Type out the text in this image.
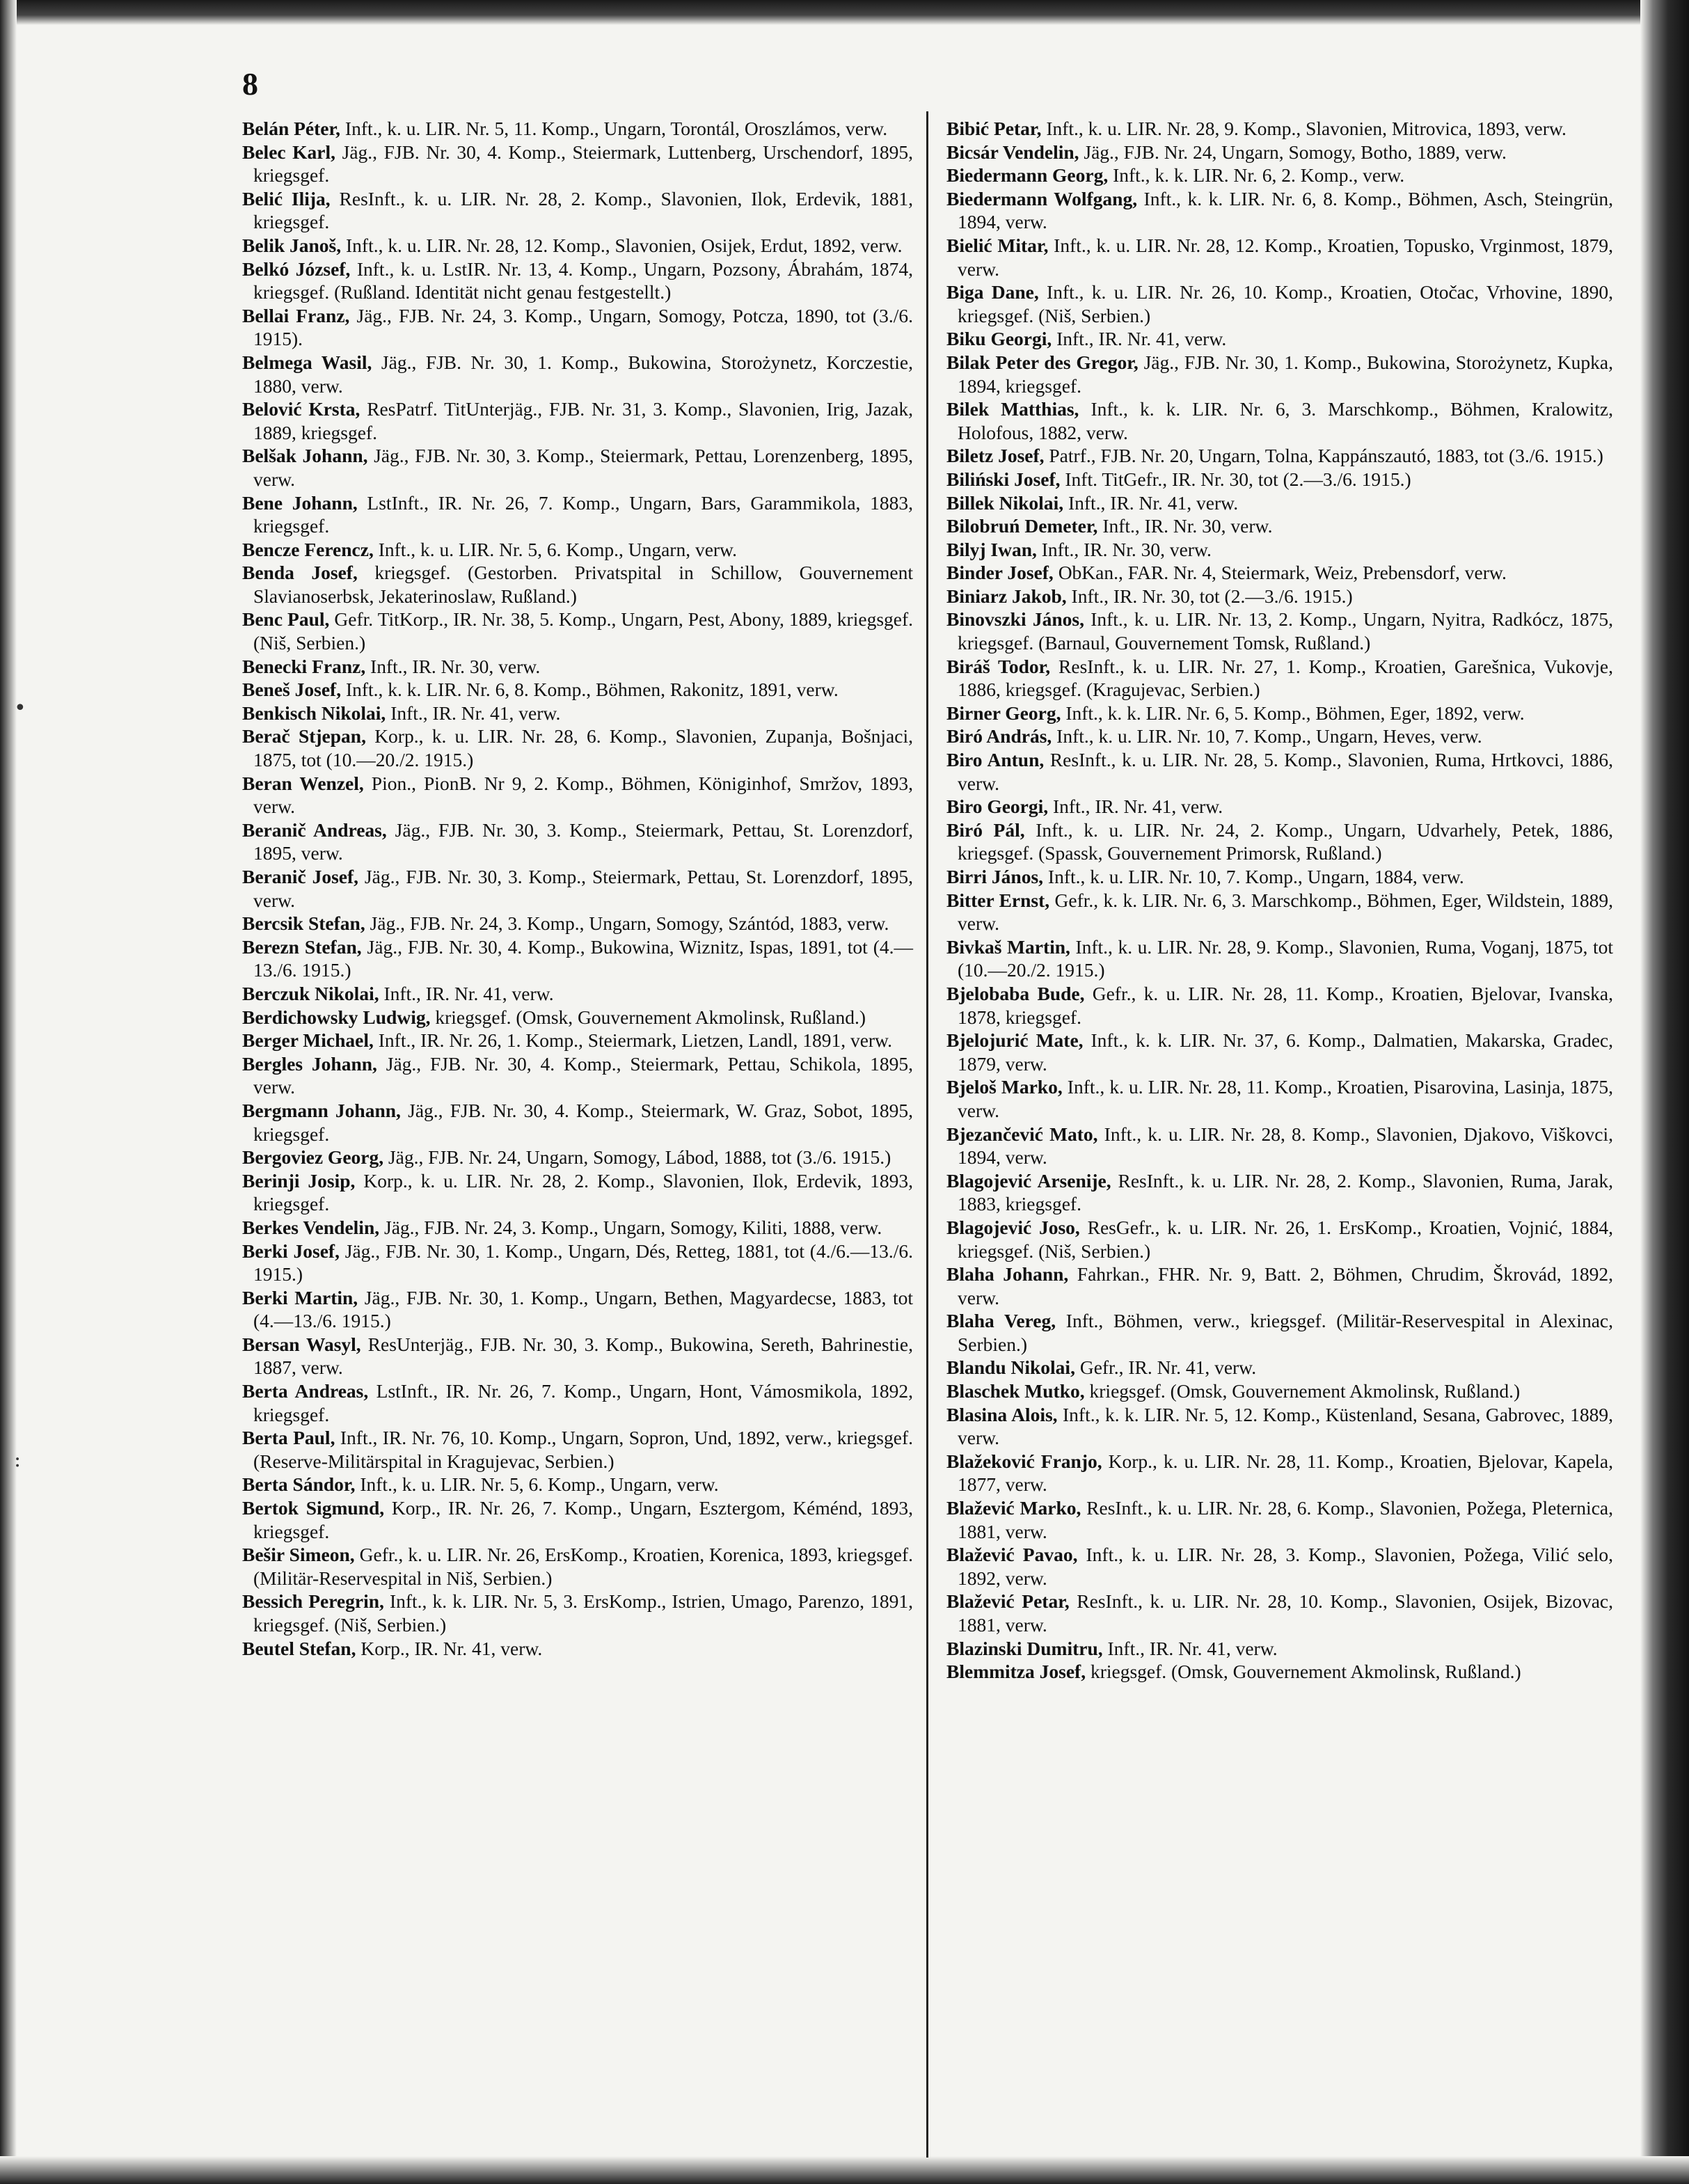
8
•
:

Belán Péter, Inft., k. u. LIR. Nr. 5, 11. Komp., Ungarn, Torontál, Oroszlámos, verw.

Belec Karl, Jäg., FJB. Nr. 30, 4. Komp., Steiermark, Luttenberg, Urschendorf, 1895, kriegsgef.

Belić Ilija, ResInft., k. u. LIR. Nr. 28, 2. Komp., Slavonien, Ilok, Erdevik, 1881, kriegsgef.

Belik Janoš, Inft., k. u. LIR. Nr. 28, 12. Komp., Slavonien, Osijek, Erdut, 1892, verw.

Belkó József, Inft., k. u. LstIR. Nr. 13, 4. Komp., Ungarn, Pozsony, Ábrahám, 1874, kriegsgef. (Rußland. Identität nicht genau festgestellt.)

Bellai Franz, Jäg., FJB. Nr. 24, 3. Komp., Ungarn, Somogy, Potcza, 1890, tot (3./6. 1915).

Belmega Wasil, Jäg., FJB. Nr. 30, 1. Komp., Bukowina, Storożynetz, Korczestie, 1880, verw.

Belović Krsta, ResPatrf. TitUnterjäg., FJB. Nr. 31, 3. Komp., Slavonien, Irig, Jazak, 1889, kriegsgef.

Belšak Johann, Jäg., FJB. Nr. 30, 3. Komp., Steiermark, Pettau, Lorenzenberg, 1895, verw.

Bene Johann, LstInft., IR. Nr. 26, 7. Komp., Ungarn, Bars, Garammikola, 1883, kriegsgef.

Bencze Ferencz, Inft., k. u. LIR. Nr. 5, 6. Komp., Ungarn, verw.

Benda Josef, kriegsgef. (Gestorben. Privatspital in Schillow, Gouvernement Slavianoserbsk, Jekaterinoslaw, Rußland.)

Benc Paul, Gefr. TitKorp., IR. Nr. 38, 5. Komp., Ungarn, Pest, Abony, 1889, kriegsgef. (Niš, Serbien.)

Benecki Franz, Inft., IR. Nr. 30, verw.

Beneš Josef, Inft., k. k. LIR. Nr. 6, 8. Komp., Böhmen, Rakonitz, 1891, verw.

Benkisch Nikolai, Inft., IR. Nr. 41, verw.

Berač Stjepan, Korp., k. u. LIR. Nr. 28, 6. Komp., Slavonien, Zupanja, Bošnjaci, 1875, tot (10.—20./2. 1915.)

Beran Wenzel, Pion., PionB. Nr 9, 2. Komp., Böhmen, Königinhof, Smržov, 1893, verw.

Beranič Andreas, Jäg., FJB. Nr. 30, 3. Komp., Steiermark, Pettau, St. Lorenzdorf, 1895, verw.

Beranič Josef, Jäg., FJB. Nr. 30, 3. Komp., Steiermark, Pettau, St. Lorenzdorf, 1895, verw.

Bercsik Stefan, Jäg., FJB. Nr. 24, 3. Komp., Ungarn, Somogy, Szántód, 1883, verw.

Berezn Stefan, Jäg., FJB. Nr. 30, 4. Komp., Bukowina, Wiznitz, Ispas, 1891, tot (4.—13./6. 1915.)

Berczuk Nikolai, Inft., IR. Nr. 41, verw.

Berdichowsky Ludwig, kriegsgef. (Omsk, Gouvernement Akmolinsk, Rußland.)

Berger Michael, Inft., IR. Nr. 26, 1. Komp., Steiermark, Lietzen, Landl, 1891, verw.

Bergles Johann, Jäg., FJB. Nr. 30, 4. Komp., Steiermark, Pettau, Schikola, 1895, verw.

Bergmann Johann, Jäg., FJB. Nr. 30, 4. Komp., Steiermark, W. Graz, Sobot, 1895, kriegsgef.

Bergoviez Georg, Jäg., FJB. Nr. 24, Ungarn, Somogy, Lábod, 1888, tot (3./6. 1915.)

Berinji Josip, Korp., k. u. LIR. Nr. 28, 2. Komp., Slavonien, Ilok, Erdevik, 1893, kriegsgef.

Berkes Vendelin, Jäg., FJB. Nr. 24, 3. Komp., Ungarn, Somogy, Kiliti, 1888, verw.

Berki Josef, Jäg., FJB. Nr. 30, 1. Komp., Ungarn, Dés, Retteg, 1881, tot (4./6.—13./6. 1915.)

Berki Martin, Jäg., FJB. Nr. 30, 1. Komp., Ungarn, Bethen, Magyardecse, 1883, tot (4.—13./6. 1915.)

Bersan Wasyl, ResUnterjäg., FJB. Nr. 30, 3. Komp., Bukowina, Sereth, Bahrinestie, 1887, verw.

Berta Andreas, LstInft., IR. Nr. 26, 7. Komp., Ungarn, Hont, Vámosmikola, 1892, kriegsgef.

Berta Paul, Inft., IR. Nr. 76, 10. Komp., Ungarn, Sopron, Und, 1892, verw., kriegsgef. (Reserve-Militärspital in Kragujevac, Serbien.)

Berta Sándor, Inft., k. u. LIR. Nr. 5, 6. Komp., Ungarn, verw.

Bertok Sigmund, Korp., IR. Nr. 26, 7. Komp., Ungarn, Esztergom, Kéménd, 1893, kriegsgef.

Bešir Simeon, Gefr., k. u. LIR. Nr. 26, ErsKomp., Kroatien, Korenica, 1893, kriegsgef. (Militär-Reservespital in Niš, Serbien.)

Bessich Peregrin, Inft., k. k. LIR. Nr. 5, 3. ErsKomp., Istrien, Umago, Parenzo, 1891, kriegsgef. (Niš, Serbien.)

Beutel Stefan, Korp., IR. Nr. 41, verw.

Bibić Petar, Inft., k. u. LIR. Nr. 28, 9. Komp., Slavonien, Mitrovica, 1893, verw.

Bicsár Vendelin, Jäg., FJB. Nr. 24, Ungarn, Somogy, Botho, 1889, verw.

Biedermann Georg, Inft., k. k. LIR. Nr. 6, 2. Komp., verw.

Biedermann Wolfgang, Inft., k. k. LIR. Nr. 6, 8. Komp., Böhmen, Asch, Steingrün, 1894, verw.

Bielić Mitar, Inft., k. u. LIR. Nr. 28, 12. Komp., Kroatien, Topusko, Vrginmost, 1879, verw.

Biga Dane, Inft., k. u. LIR. Nr. 26, 10. Komp., Kroatien, Otočac, Vrhovine, 1890, kriegsgef. (Niš, Serbien.)

Biku Georgi, Inft., IR. Nr. 41, verw.

Bilak Peter des Gregor, Jäg., FJB. Nr. 30, 1. Komp., Bukowina, Storożynetz, Kupka, 1894, kriegsgef.

Bilek Matthias, Inft., k. k. LIR. Nr. 6, 3. Marschkomp., Böhmen, Kralowitz, Holofous, 1882, verw.

Biletz Josef, Patrf., FJB. Nr. 20, Ungarn, Tolna, Kappánszautó, 1883, tot (3./6. 1915.)

Biliński Josef, Inft. TitGefr., IR. Nr. 30, tot (2.—3./6. 1915.)

Billek Nikolai, Inft., IR. Nr. 41, verw.

Bilobruń Demeter, Inft., IR. Nr. 30, verw.

Bilyj Iwan, Inft., IR. Nr. 30, verw.

Binder Josef, ObKan., FAR. Nr. 4, Steiermark, Weiz, Prebensdorf, verw.

Biniarz Jakob, Inft., IR. Nr. 30, tot (2.—3./6. 1915.)

Binovszki János, Inft., k. u. LIR. Nr. 13, 2. Komp., Ungarn, Nyitra, Radkócz, 1875, kriegsgef. (Barnaul, Gouvernement Tomsk, Rußland.)

Biráš Todor, ResInft., k. u. LIR. Nr. 27, 1. Komp., Kroatien, Garešnica, Vukovje, 1886, kriegsgef. (Kragujevac, Serbien.)

Birner Georg, Inft., k. k. LIR. Nr. 6, 5. Komp., Böhmen, Eger, 1892, verw.

Biró András, Inft., k. u. LIR. Nr. 10, 7. Komp., Ungarn, Heves, verw.

Biro Antun, ResInft., k. u. LIR. Nr. 28, 5. Komp., Slavonien, Ruma, Hrtkovci, 1886, verw.

Biro Georgi, Inft., IR. Nr. 41, verw.

Biró Pál, Inft., k. u. LIR. Nr. 24, 2. Komp., Ungarn, Udvarhely, Petek, 1886, kriegsgef. (Spassk, Gouvernement Primorsk, Rußland.)

Birri János, Inft., k. u. LIR. Nr. 10, 7. Komp., Ungarn, 1884, verw.

Bitter Ernst, Gefr., k. k. LIR. Nr. 6, 3. Marschkomp., Böhmen, Eger, Wildstein, 1889, verw.

Bivkaš Martin, Inft., k. u. LIR. Nr. 28, 9. Komp., Slavonien, Ruma, Voganj, 1875, tot (10.—20./2. 1915.)

Bjelobaba Bude, Gefr., k. u. LIR. Nr. 28, 11. Komp., Kroatien, Bjelovar, Ivanska, 1878, kriegsgef.

Bjelojurić Mate, Inft., k. k. LIR. Nr. 37, 6. Komp., Dalmatien, Makarska, Gradec, 1879, verw.

Bjeloš Marko, Inft., k. u. LIR. Nr. 28, 11. Komp., Kroatien, Pisarovina, Lasinja, 1875, verw.

Bjezančević Mato, Inft., k. u. LIR. Nr. 28, 8. Komp., Slavonien, Djakovo, Viškovci, 1894, verw.

Blagojević Arsenije, ResInft., k. u. LIR. Nr. 28, 2. Komp., Slavonien, Ruma, Jarak, 1883, kriegsgef.

Blagojević Joso, ResGefr., k. u. LIR. Nr. 26, 1. ErsKomp., Kroatien, Vojnić, 1884, kriegsgef. (Niš, Serbien.)

Blaha Johann, Fahrkan., FHR. Nr. 9, Batt. 2, Böhmen, Chrudim, Škrovád, 1892, verw.

Blaha Vereg, Inft., Böhmen, verw., kriegsgef. (Militär-Reservespital in Alexinac, Serbien.)

Blandu Nikolai, Gefr., IR. Nr. 41, verw.

Blaschek Mutko, kriegsgef. (Omsk, Gouvernement Akmolinsk, Rußland.)

Blasina Alois, Inft., k. k. LIR. Nr. 5, 12. Komp., Küstenland, Sesana, Gabrovec, 1889, verw.

Blažeković Franjo, Korp., k. u. LIR. Nr. 28, 11. Komp., Kroatien, Bjelovar, Kapela, 1877, verw.

Blažević Marko, ResInft., k. u. LIR. Nr. 28, 6. Komp., Slavonien, Požega, Pleternica, 1881, verw.

Blažević Pavao, Inft., k. u. LIR. Nr. 28, 3. Komp., Slavonien, Požega, Vilić selo, 1892, verw.

Blažević Petar, ResInft., k. u. LIR. Nr. 28, 10. Komp., Slavonien, Osijek, Bizovac, 1881, verw.

Blazinski Dumitru, Inft., IR. Nr. 41, verw.

Blemmitza Josef, kriegsgef. (Omsk, Gouvernement Akmolinsk, Rußland.)
